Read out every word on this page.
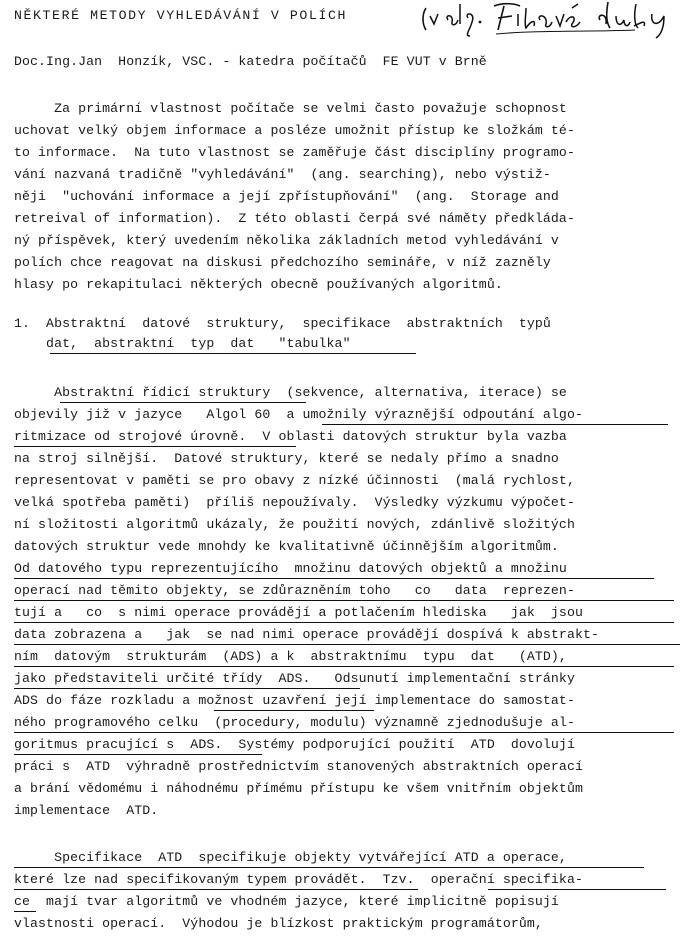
NĚKTERÉ METODY VYHLEDÁVÁNÍ V POLÍCH
Doc.Ing.Jan  Honzík, VSC. - katedra počítačů  FE VUT v Brně
Za primární vlastnost počítače se velmi často považuje schopnost
uchovat velký objem informace a posléze umožnit přístup ke složkám té-
to informace.  Na tuto vlastnost se zaměřuje část disciplíny programo-
vání nazvaná tradičně "vyhledávání"  (ang. searching), nebo výstiž-
něji  "uchování informace a její zpřístupňování"  (ang.  Storage and
retreival of information).  Z této oblasti čerpá své náměty předkláda-
ný příspěvek, který uvedením několika základních metod vyhledávání v
polích chce reagovat na diskusi předchozího semináře, v níž zazněly
hlasy po rekapitulaci některých obecně používaných algoritmů.
1.  Abstraktní  datové  struktury,  specifikace  abstraktních  typů
dat,  abstraktní  typ  dat   "tabulka"
Abstraktní řídicí struktury  (sekvence, alternativa, iterace) se
objevily již v jazyce   Algol 60  a umožnily výraznější odpoutání algo-
ritmizace od strojové úrovně.  V oblasti datových struktur byla vazba
na stroj silnější.  Datové struktury, které se nedaly přímo a snadno
representovat v paměti se pro obavy z nízké účinnosti  (malá rychlost,
velká spotřeba paměti)  příliš nepoužívaly.  Výsledky výzkumu výpočet-
ní složitosti algoritmů ukázaly, že použití nových, zdánlivě složitých
datových struktur vede mnohdy ke kvalitativně účinnějším algoritmům.
Od datového typu reprezentujícího  množinu datových objektů a množinu
operací nad těmito objekty, se zdůrazněním toho   co   data  reprezen-
tují a   co  s nimi operace provádějí a potlačením hlediska   jak  jsou
data zobrazena a   jak  se nad nimi operace provádějí dospívá k abstrakt-
ním  datovým  strukturám  (ADS) a k  abstraktnímu  typu  dat   (ATD),
jako představiteli určité třídy  ADS.   Odsunutí implementační stránky
ADS do fáze rozkladu a možnost uzavření její implementace do samostat-
ného programového celku  (procedury, modulu) významně zjednodušuje al-
goritmus pracující s  ADS.  Systémy podporující použití  ATD  dovolují
práci s  ATD  výhradně prostřednictvím stanovených abstraktních operací
a brání vědomému i náhodnému přímému přístupu ke všem vnitřním objektům
implementace  ATD.
Specifikace  ATD  specifikuje objekty vytvářející ATD a operace,
které lze nad specifikovaným typem provádět.  Tzv.  operační specifika-
ce  mají tvar algoritmů ve vhodném jazyce, které implicitně popisují
vlastnosti operací.  Výhodou je blízkost praktickým programátorům,
